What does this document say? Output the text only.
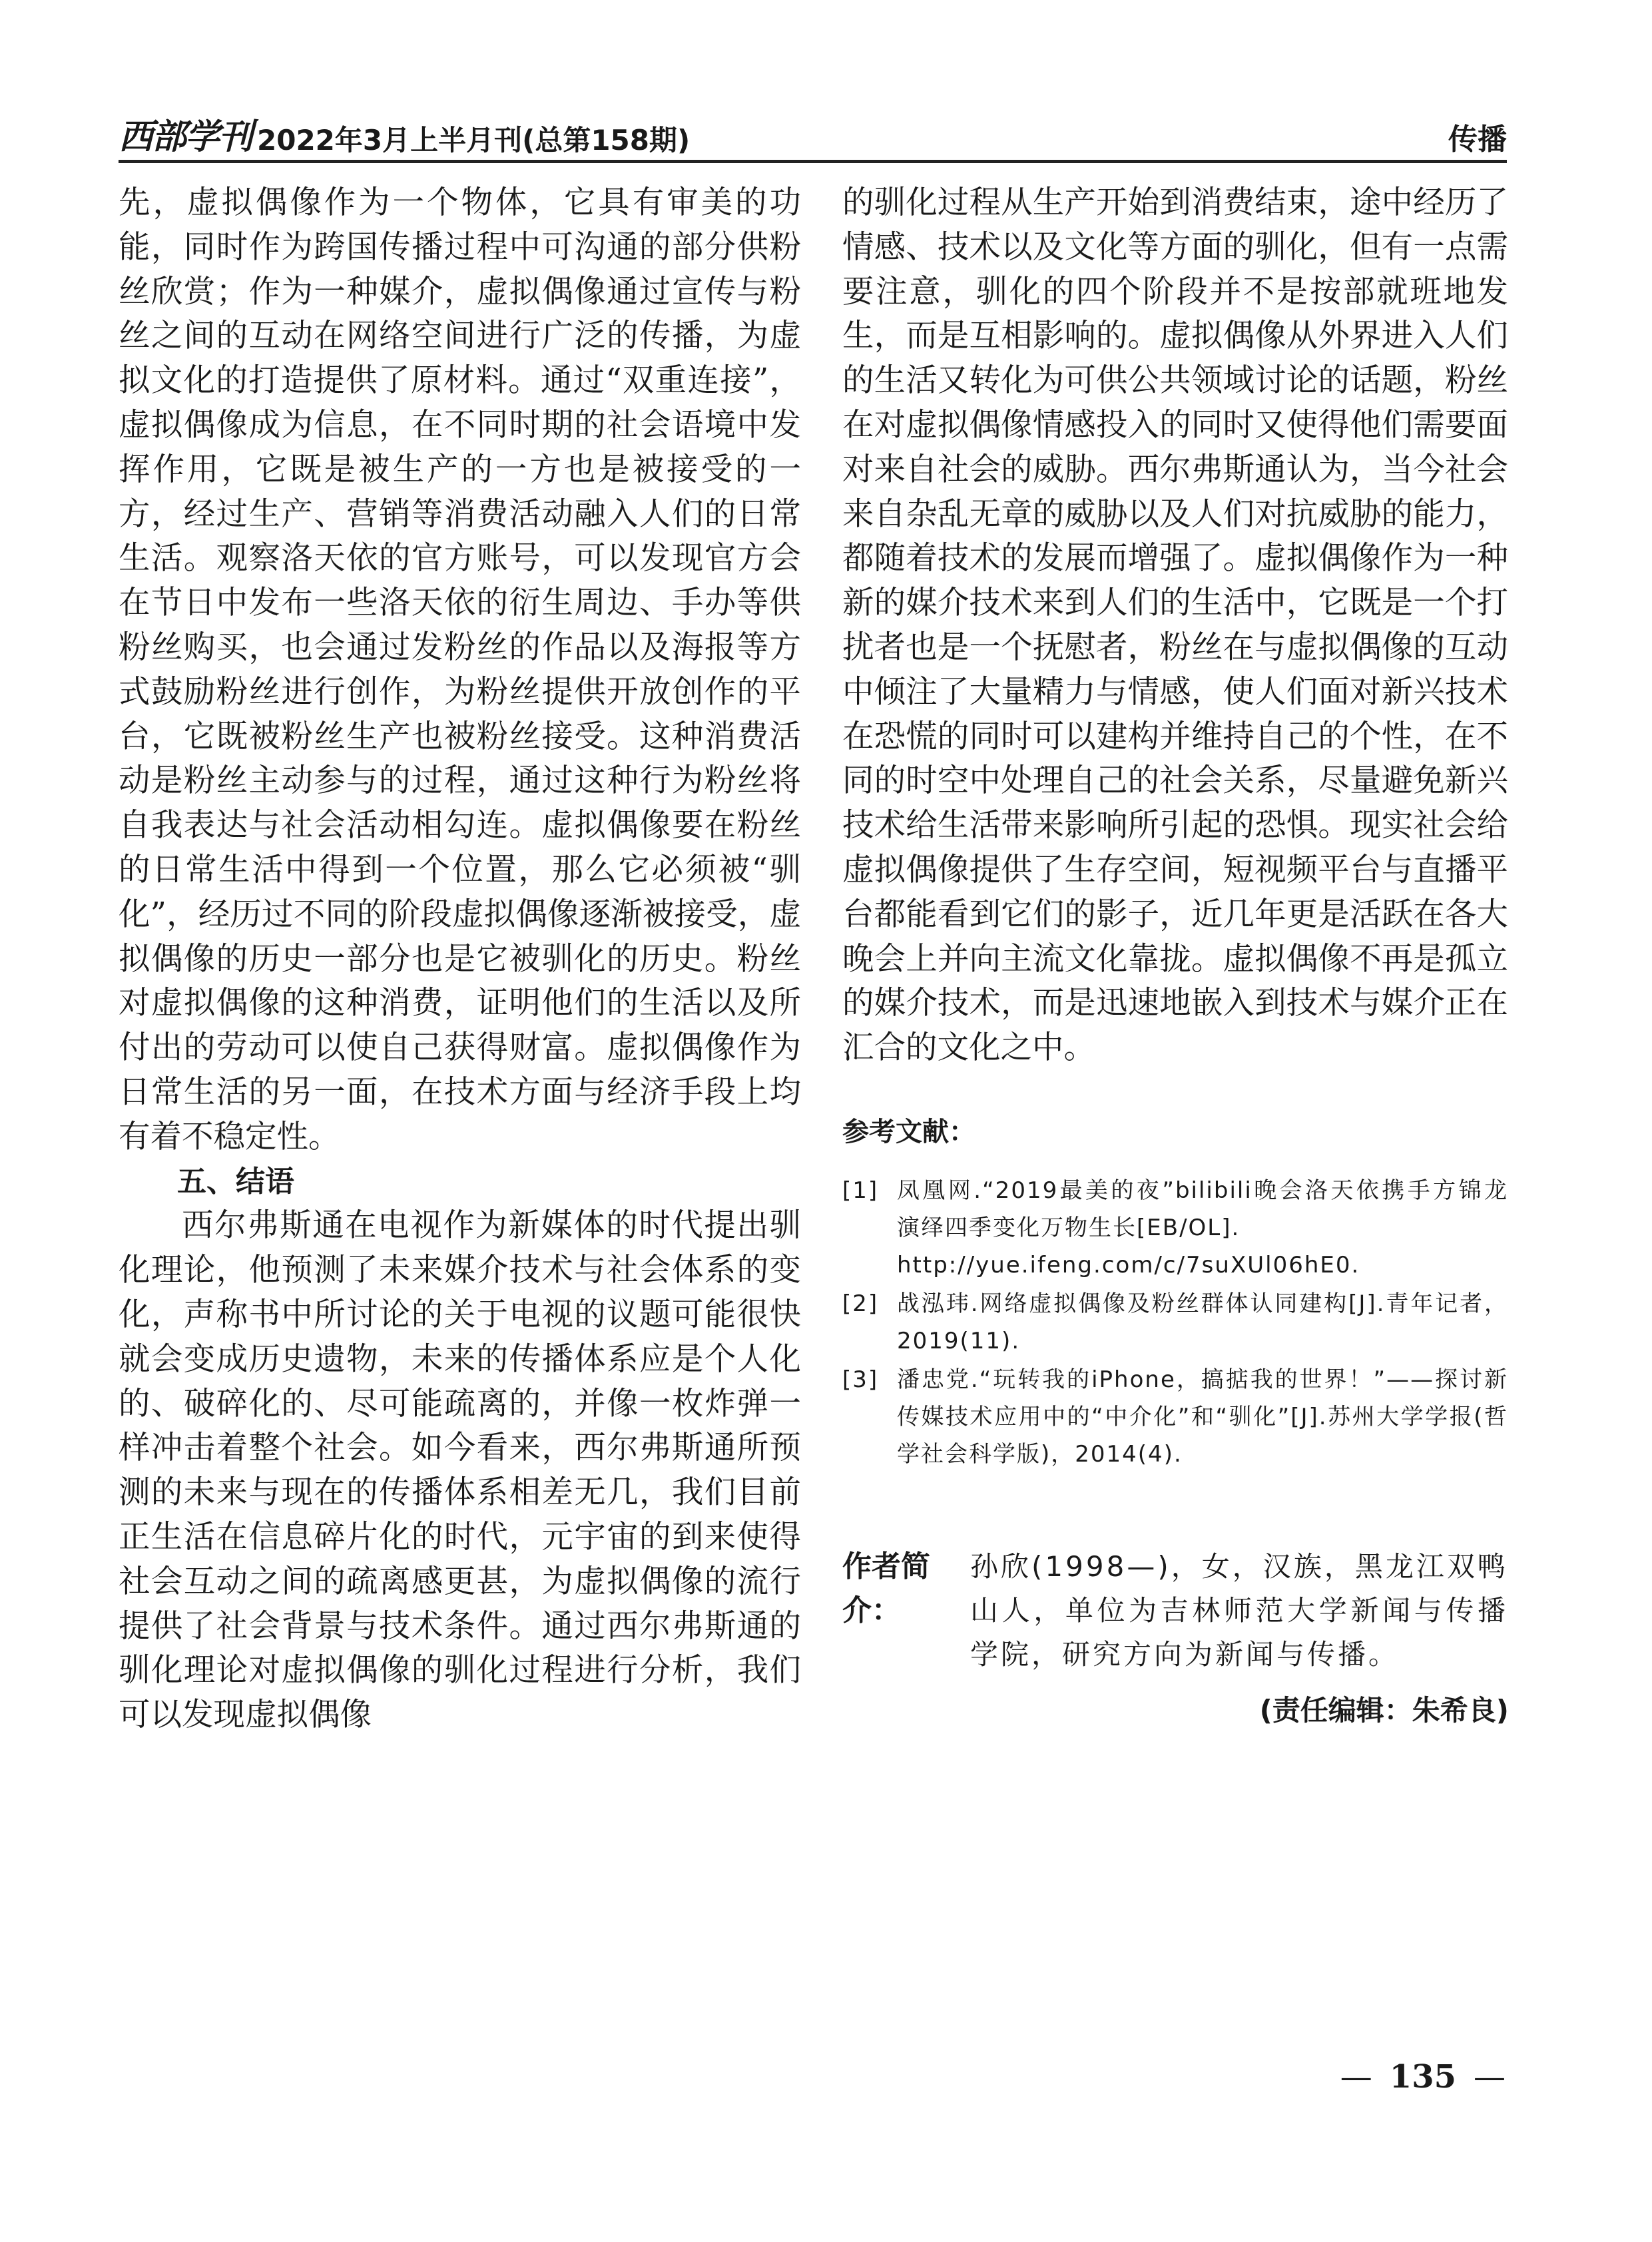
西部学刊 2022年3月上半月刊(总第158期)	传播

先，虚拟偶像作为一个物体，它具有审美的功能，同时作为跨国传播过程中可沟通的部分供粉丝欣赏；作为一种媒介，虚拟偶像通过宣传与粉丝之间的互动在网络空间进行广泛的传播，为虚拟文化的打造提供了原材料。通过“双重连接”，虚拟偶像成为信息，在不同时期的社会语境中发挥作用，它既是被生产的一方也是被接受的一方，经过生产、营销等消费活动融入人们的日常生活。观察洛天依的官方账号，可以发现官方会在节日中发布一些洛天依的衍生周边、手办等供粉丝购买，也会通过发粉丝的作品以及海报等方式鼓励粉丝进行创作，为粉丝提供开放创作的平台，它既被粉丝生产也被粉丝接受。这种消费活动是粉丝主动参与的过程，通过这种行为粉丝将自我表达与社会活动相勾连。虚拟偶像要在粉丝的日常生活中得到一个位置，那么它必须被“驯化”，经历过不同的阶段虚拟偶像逐渐被接受，虚拟偶像的历史一部分也是它被驯化的历史。粉丝对虚拟偶像的这种消费，证明他们的生活以及所付出的劳动可以使自己获得财富。虚拟偶像作为日常生活的另一面，在技术方面与经济手段上均有着不稳定性。

五、结语

西尔弗斯通在电视作为新媒体的时代提出驯化理论，他预测了未来媒介技术与社会体系的变化，声称书中所讨论的关于电视的议题可能很快就会变成历史遗物，未来的传播体系应是个人化的、破碎化的、尽可能疏离的，并像一枚炸弹一样冲击着整个社会。如今看来，西尔弗斯通所预测的未来与现在的传播体系相差无几，我们目前正生活在信息碎片化的时代，元宇宙的到来使得社会互动之间的疏离感更甚，为虚拟偶像的流行提供了社会背景与技术条件。通过西尔弗斯通的驯化理论对虚拟偶像的驯化过程进行分析，我们可以发现虚拟偶像

的驯化过程从生产开始到消费结束，途中经历了情感、技术以及文化等方面的驯化，但有一点需要注意，驯化的四个阶段并不是按部就班地发生，而是互相影响的。虚拟偶像从外界进入人们的生活又转化为可供公共领域讨论的话题，粉丝在对虚拟偶像情感投入的同时又使得他们需要面对来自社会的威胁。西尔弗斯通认为，当今社会来自杂乱无章的威胁以及人们对抗威胁的能力，都随着技术的发展而增强了。虚拟偶像作为一种新的媒介技术来到人们的生活中，它既是一个打扰者也是一个抚慰者，粉丝在与虚拟偶像的互动中倾注了大量精力与情感，使人们面对新兴技术在恐慌的同时可以建构并维持自己的个性，在不同的时空中处理自己的社会关系，尽量避免新兴技术给生活带来影响所引起的恐惧。现实社会给虚拟偶像提供了生存空间，短视频平台与直播平台都能看到它们的影子，近几年更是活跃在各大晚会上并向主流文化靠拢。虚拟偶像不再是孤立的媒介技术，而是迅速地嵌入到技术与媒介正在汇合的文化之中。

参考文献：
[1] 凤凰网.“2019最美的夜”bilibili晚会洛天依携手方锦龙 演绎四季变化万物生长[EB/OL].
http://yue.ifeng.com/c/7suXUl06hE0.
[2] 战泓玮.网络虚拟偶像及粉丝群体认同建构[J].青年记者，2019(11).
[3] 潘忠党.“玩转我的iPhone，搞掂我的世界！”——探讨新传媒技术应用中的“中介化”和“驯化”[J].苏州大学学报(哲学社会科学版)，2014(4).
作者简介：
孙欣(1998—)，女，汉族，黑龙江双鸭山人，单位为吉林师范大学新闻与传播学院，研究方向为新闻与传播。
(责任编辑：朱希良)
— 135 —
